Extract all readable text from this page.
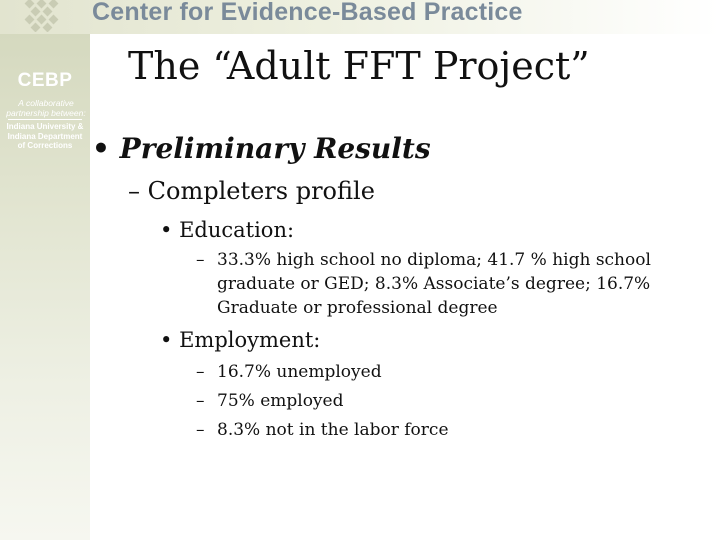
Center for Evidence-Based Practice
CEBP
A collaborative partnership between:
Indiana University & Indiana Department of Corrections
The “Adult FFT Project”
• Preliminary Results
– Completers profile
• Education:
– 33.3% high school no diploma; 41.7 % high school graduate or GED; 8.3% Associate’s degree; 16.7% Graduate or professional degree
• Employment:
– 16.7% unemployed
– 75% employed
– 8.3% not in the labor force
